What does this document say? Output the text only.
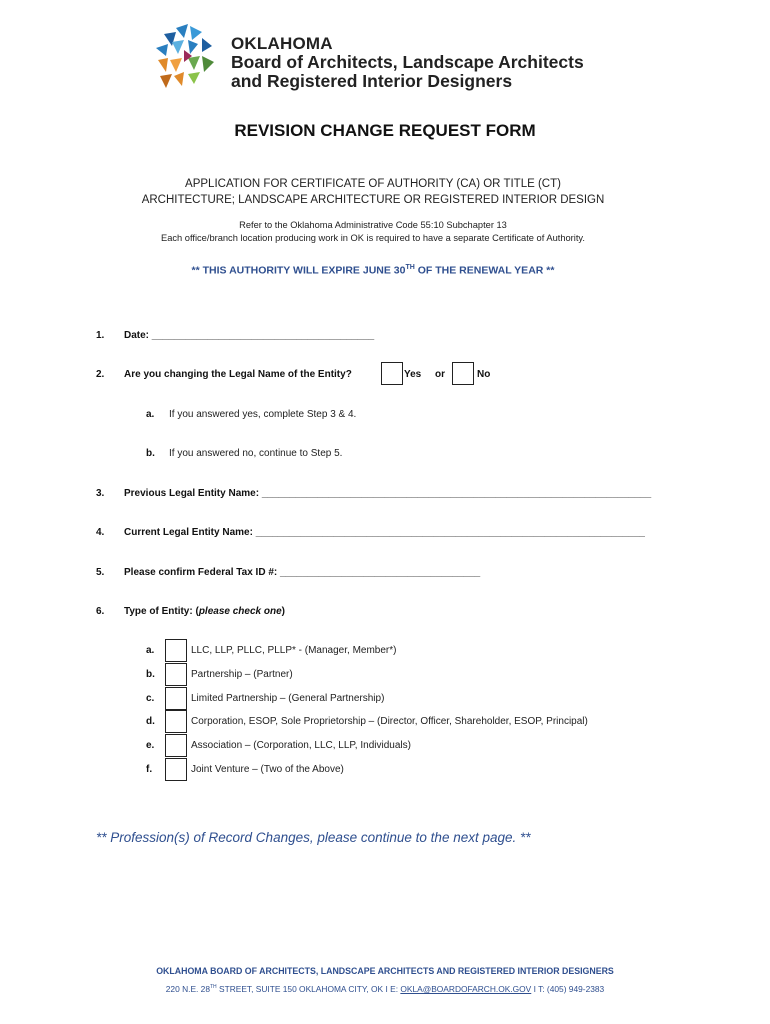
OKLAHOMA
Board of Architects, Landscape Architects
and Registered Interior Designers
REVISION CHANGE REQUEST FORM
APPLICATION FOR CERTIFICATE OF AUTHORITY (CA) OR TITLE (CT)
ARCHITECTURE; LANDSCAPE ARCHITECTURE OR REGISTERED INTERIOR DESIGN
Refer to the Oklahoma Administrative Code 55:10 Subchapter 13
Each office/branch location producing work in OK is required to have a separate Certificate of Authority.
** THIS AUTHORITY WILL EXPIRE JUNE 30TH OF THE RENEWAL YEAR **
1. Date: ________________________________________
2. Are you changing the Legal Name of the Entity?	Yes or	No
a. If you answered yes, complete Step 3 & 4.
b. If you answered no, continue to Step 5.
3. Previous Legal Entity Name: ______________________________________________________________________
4. Current Legal Entity Name: ______________________________________________________________________
5. Please confirm Federal Tax ID #: ____________________________________
6. Type of Entity: (please check one)
a.	LLC, LLP, PLLC, PLLP* - (Manager, Member*)
b.	Partnership – (Partner)
c.	Limited Partnership – (General Partnership)
d.	Corporation, ESOP, Sole Proprietorship – (Director, Officer, Shareholder, ESOP, Principal)
e.	Association – (Corporation, LLC, LLP, Individuals)
f.	Joint Venture – (Two of the Above)
** Profession(s) of Record Changes, please continue to the next page. **
OKLAHOMA BOARD OF ARCHITECTS, LANDSCAPE ARCHITECTS AND REGISTERED INTERIOR DESIGNERS
220 N.E. 28TH STREET, SUITE 150 OKLAHOMA CITY, OK I E: OKLA@BOARDOFARCH.OK.GOV I T: (405) 949-2383
